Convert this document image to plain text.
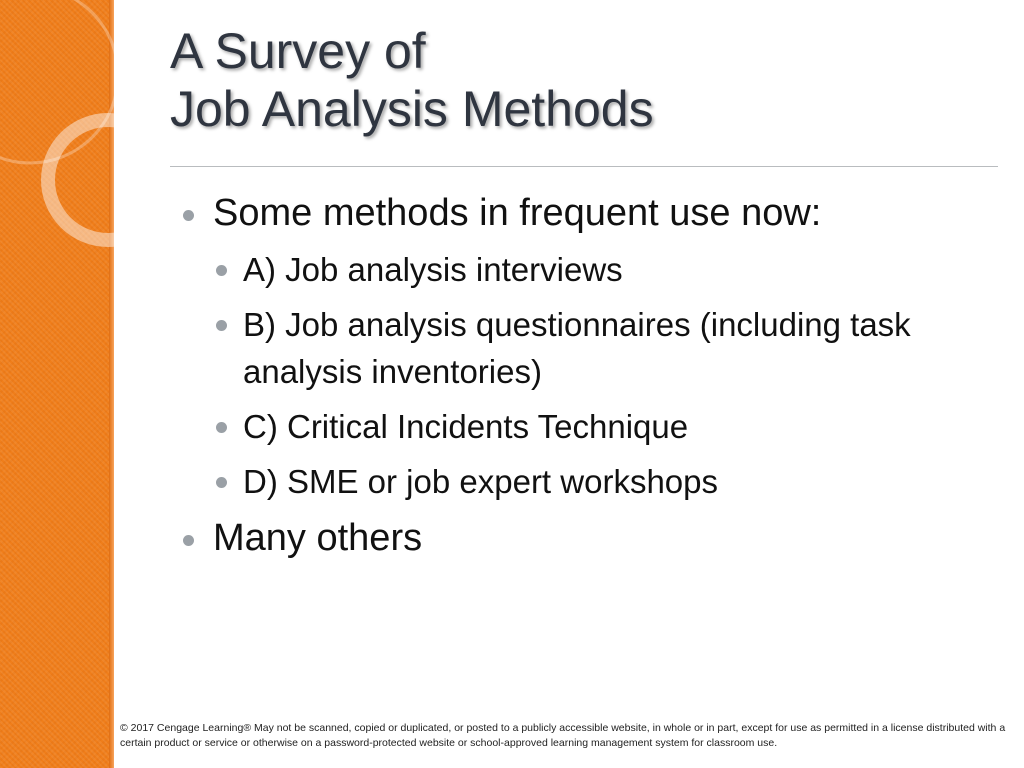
A Survey of
Job Analysis Methods

Some methods in frequent use now:

A) Job analysis interviews

B) Job analysis questionnaires (including task analysis inventories)

C) Critical Incidents Technique

D) SME or job expert workshops

Many others

© 2017 Cengage Learning® May not be scanned, copied or duplicated, or posted to a publicly accessible website, in whole or in part, except for use as permitted in a license distributed with a certain product or service or otherwise on a password-protected website or school-approved learning management system for classroom use.
